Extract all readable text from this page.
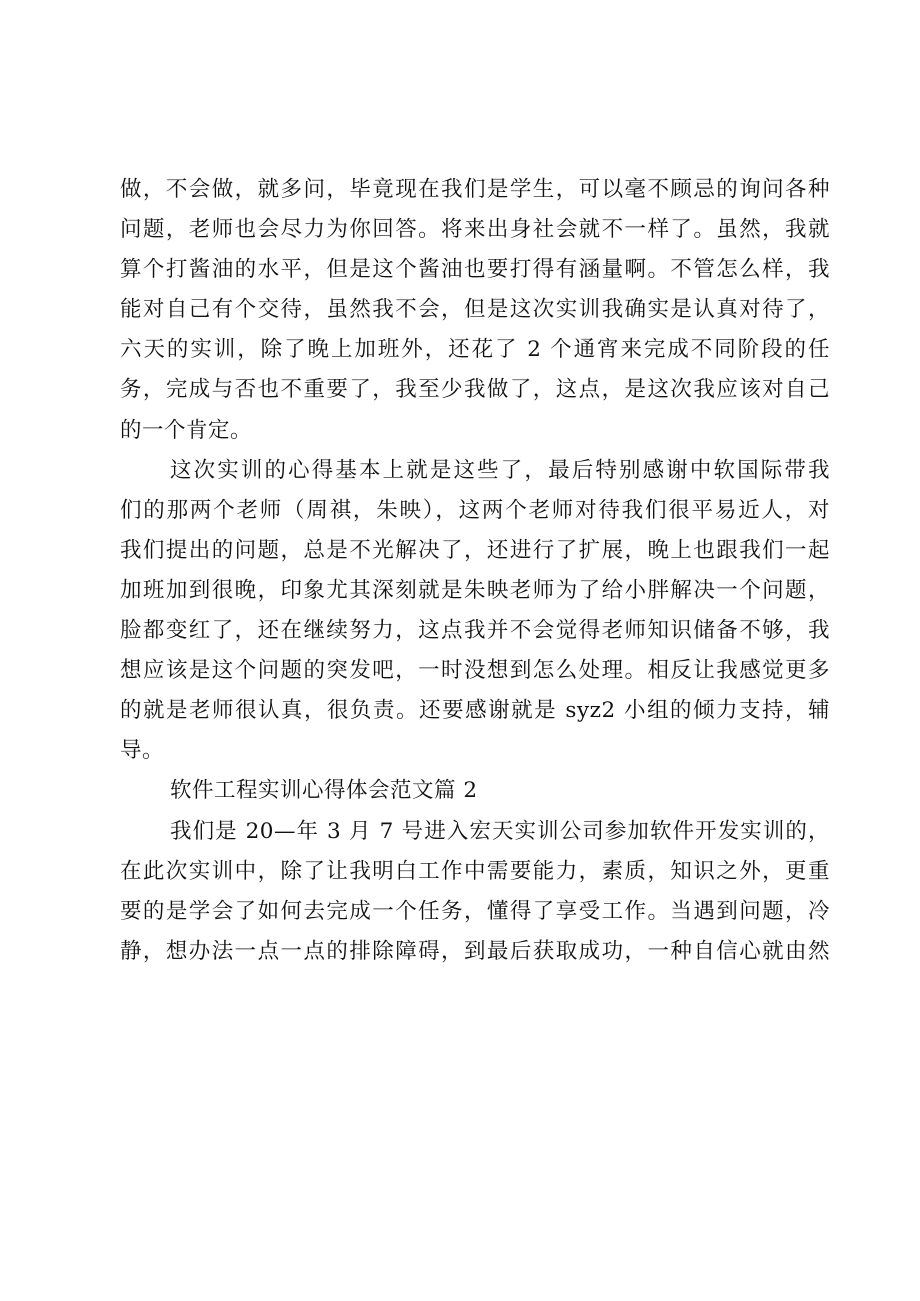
做，不会做，就多问，毕竟现在我们是学生，可以毫不顾忌的询问各种
问题，老师也会尽力为你回答。将来出身社会就不一样了。虽然，我就
算个打酱油的水平，但是这个酱油也要打得有涵量啊。不管怎么样，我
能对自己有个交待，虽然我不会，但是这次实训我确实是认真对待了，
六天的实训，除了晚上加班外，还花了 2 个通宵来完成不同阶段的任
务，完成与否也不重要了，我至少我做了，这点，是这次我应该对自己
的一个肯定。
这次实训的心得基本上就是这些了，最后特别感谢中软国际带我
们的那两个老师（周祺，朱映），这两个老师对待我们很平易近人，对
我们提出的问题，总是不光解决了，还进行了扩展，晚上也跟我们一起
加班加到很晚，印象尤其深刻就是朱映老师为了给小胖解决一个问题，
脸都变红了，还在继续努力，这点我并不会觉得老师知识储备不够，我
想应该是这个问题的突发吧，一时没想到怎么处理。相反让我感觉更多
的就是老师很认真，很负责。还要感谢就是 syz2 小组的倾力支持，辅
导。
软件工程实训心得体会范文篇 2
我们是 20—年 3 月 7 号进入宏天实训公司参加软件开发实训的，
在此次实训中，除了让我明白工作中需要能力，素质，知识之外，更重
要的是学会了如何去完成一个任务，懂得了享受工作。当遇到问题，冷
静，想办法一点一点的排除障碍，到最后获取成功，一种自信心就由然
